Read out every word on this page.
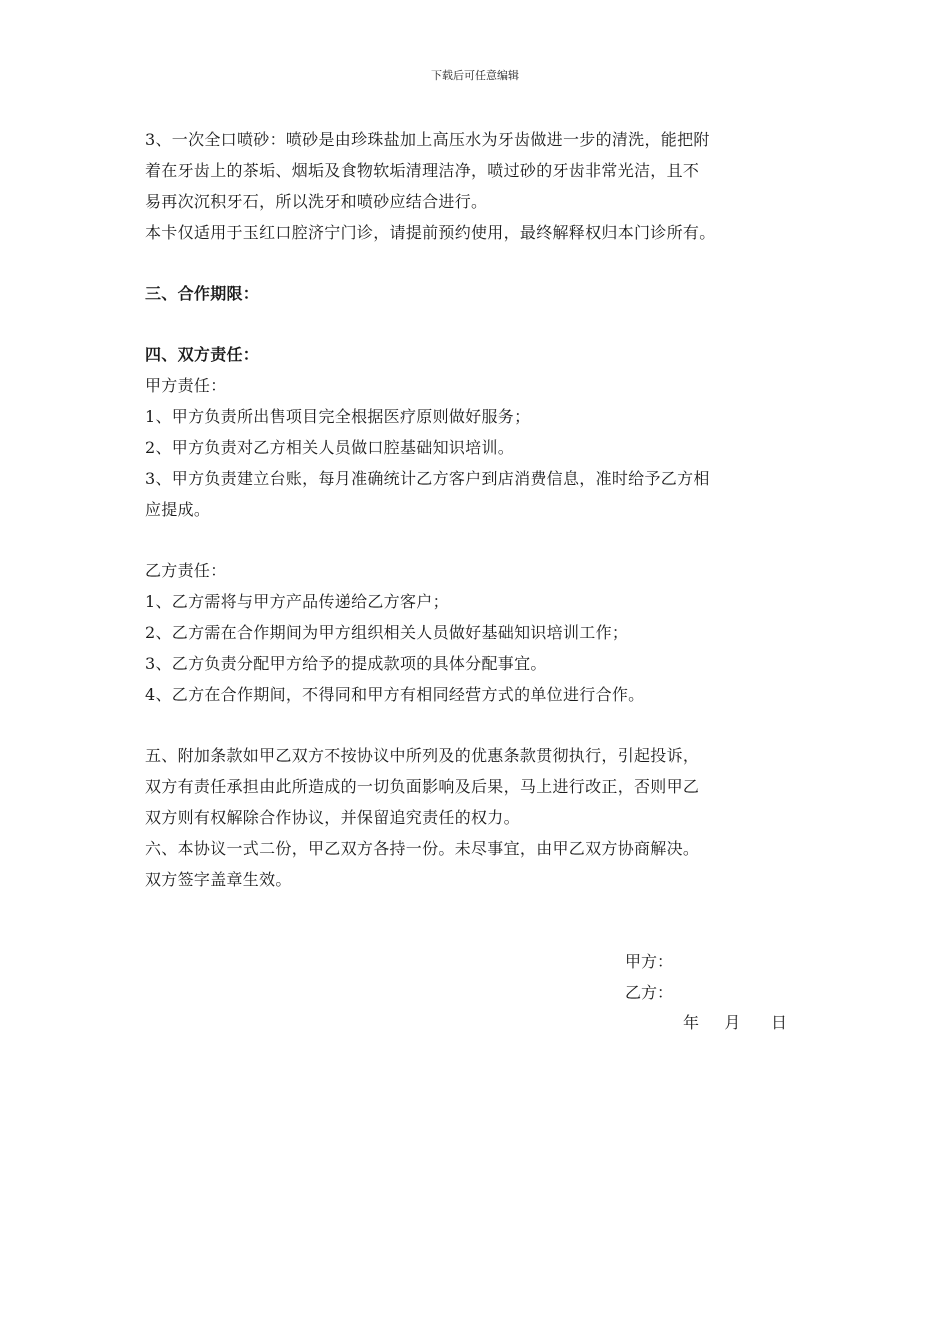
下载后可任意编辑

3、一次全口喷砂：喷砂是由珍珠盐加上高压水为牙齿做进一步的清洗，能把附

着在牙齿上的茶垢、烟垢及食物软垢清理洁净，喷过砂的牙齿非常光洁，且不

易再次沉积牙石，所以洗牙和喷砂应结合进行。

本卡仅适用于玉红口腔济宁门诊，请提前预约使用，最终解释权归本门诊所有。

三、合作期限：

四、双方责任：

甲方责任：

1、甲方负责所出售项目完全根据医疗原则做好服务；

2、甲方负责对乙方相关人员做口腔基础知识培训。

3、甲方负责建立台账，每月准确统计乙方客户到店消费信息，准时给予乙方相

应提成。

乙方责任：

1、乙方需将与甲方产品传递给乙方客户；

2、乙方需在合作期间为甲方组织相关人员做好基础知识培训工作；

3、乙方负责分配甲方给予的提成款项的具体分配事宜。

4、乙方在合作期间，不得同和甲方有相同经营方式的单位进行合作。

五、附加条款如甲乙双方不按协议中所列及的优惠条款贯彻执行，引起投诉，

双方有责任承担由此所造成的一切负面影响及后果，马上进行改正，否则甲乙

双方则有权解除合作协议，并保留追究责任的权力。

六、本协议一式二份，甲乙双方各持一份。未尽事宜，由甲乙双方协商解决。

双方签字盖章生效。

甲方：
乙方：
年     月      日
